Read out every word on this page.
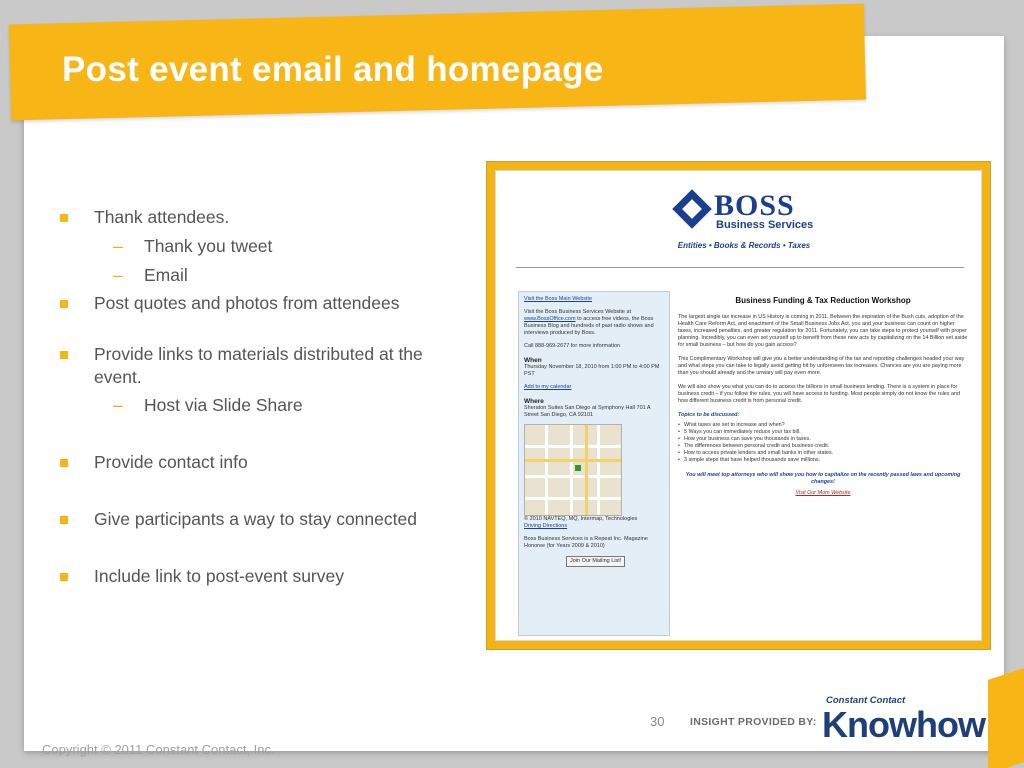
Post event email and homepage
Thank attendees.
– Thank you tweet
– Email
Post quotes and photos from attendees
Provide links to materials distributed at the event.
– Host via Slide Share
Provide contact info
Give participants a way to stay connected
Include link to post-event survey
BOSS
Business Services
Entities • Books & Records • Taxes
Visit the Boss Main Website

Visit the Boss Business Services Website at www.BossOffice.com to access free videos, the Boss Business Blog and hundreds of past radio shows and interviews produced by Boss.

Call 888-969-2677 for more information

When
Thursday November 18, 2010 from 1:00 PM to 4:00 PM PST

Add to my calendar

Where
Sheraton Suites San Diego at Symphony Hall 701 A Street San Diego, CA 92101
© 2010 NAVTEQ, MQ, Intermap, Technologies
Driving Directions

Boss Business Services is a Repeat Inc. Magazine Honoree (for Years 2009 & 2010)

Join Our Mailing List!
Business Funding & Tax Reduction Workshop

The largest single tax increase in US History is coming in 2011. Between the expiration of the Bush cuts, adoption of the Health Care Reform Act, and enactment of the Small Business Jobs Act, you and your business can count on higher taxes, increased penalties, and greater regulation for 2011. Fortunately, you can take steps to protect yourself with proper planning. Incredibly, you can even set yourself up to benefit from these new acts by capitalizing on the 14 Billion set aside for small business – but how do you gain access?

This Complimentary Workshop will give you a better understanding of the tax and reporting challenges headed your way and what steps you can take to legally avoid getting hit by unforeseen tax increases. Chances are you are paying more than you should already and the unwary will pay even more.

We will also show you what you can do to access the billions in small business lending. There is a system in place for business credit – if you follow the rules, you will have access to funding. Most people simply do not know the rules and how different business credit is from personal credit.

Topics to be discussed:
• What taxes are set to increase and when?
• 5 Ways you can immediately reduce your tax bill.
• How your business can save you thousands in taxes.
• The differences between personal credit and business credit.
• How to access private lenders and small banks in other states.
• 3 simple steps that have helped thousands save millions.
You will meet top attorneys who will show you how to capitalize on the recently passed laws and upcoming changes!
Visit Our Mom Website
30 INSIGHT PROVIDED BY:
Constant Contact
Knowhow
Copyright © 2011 Constant Contact, Inc.
